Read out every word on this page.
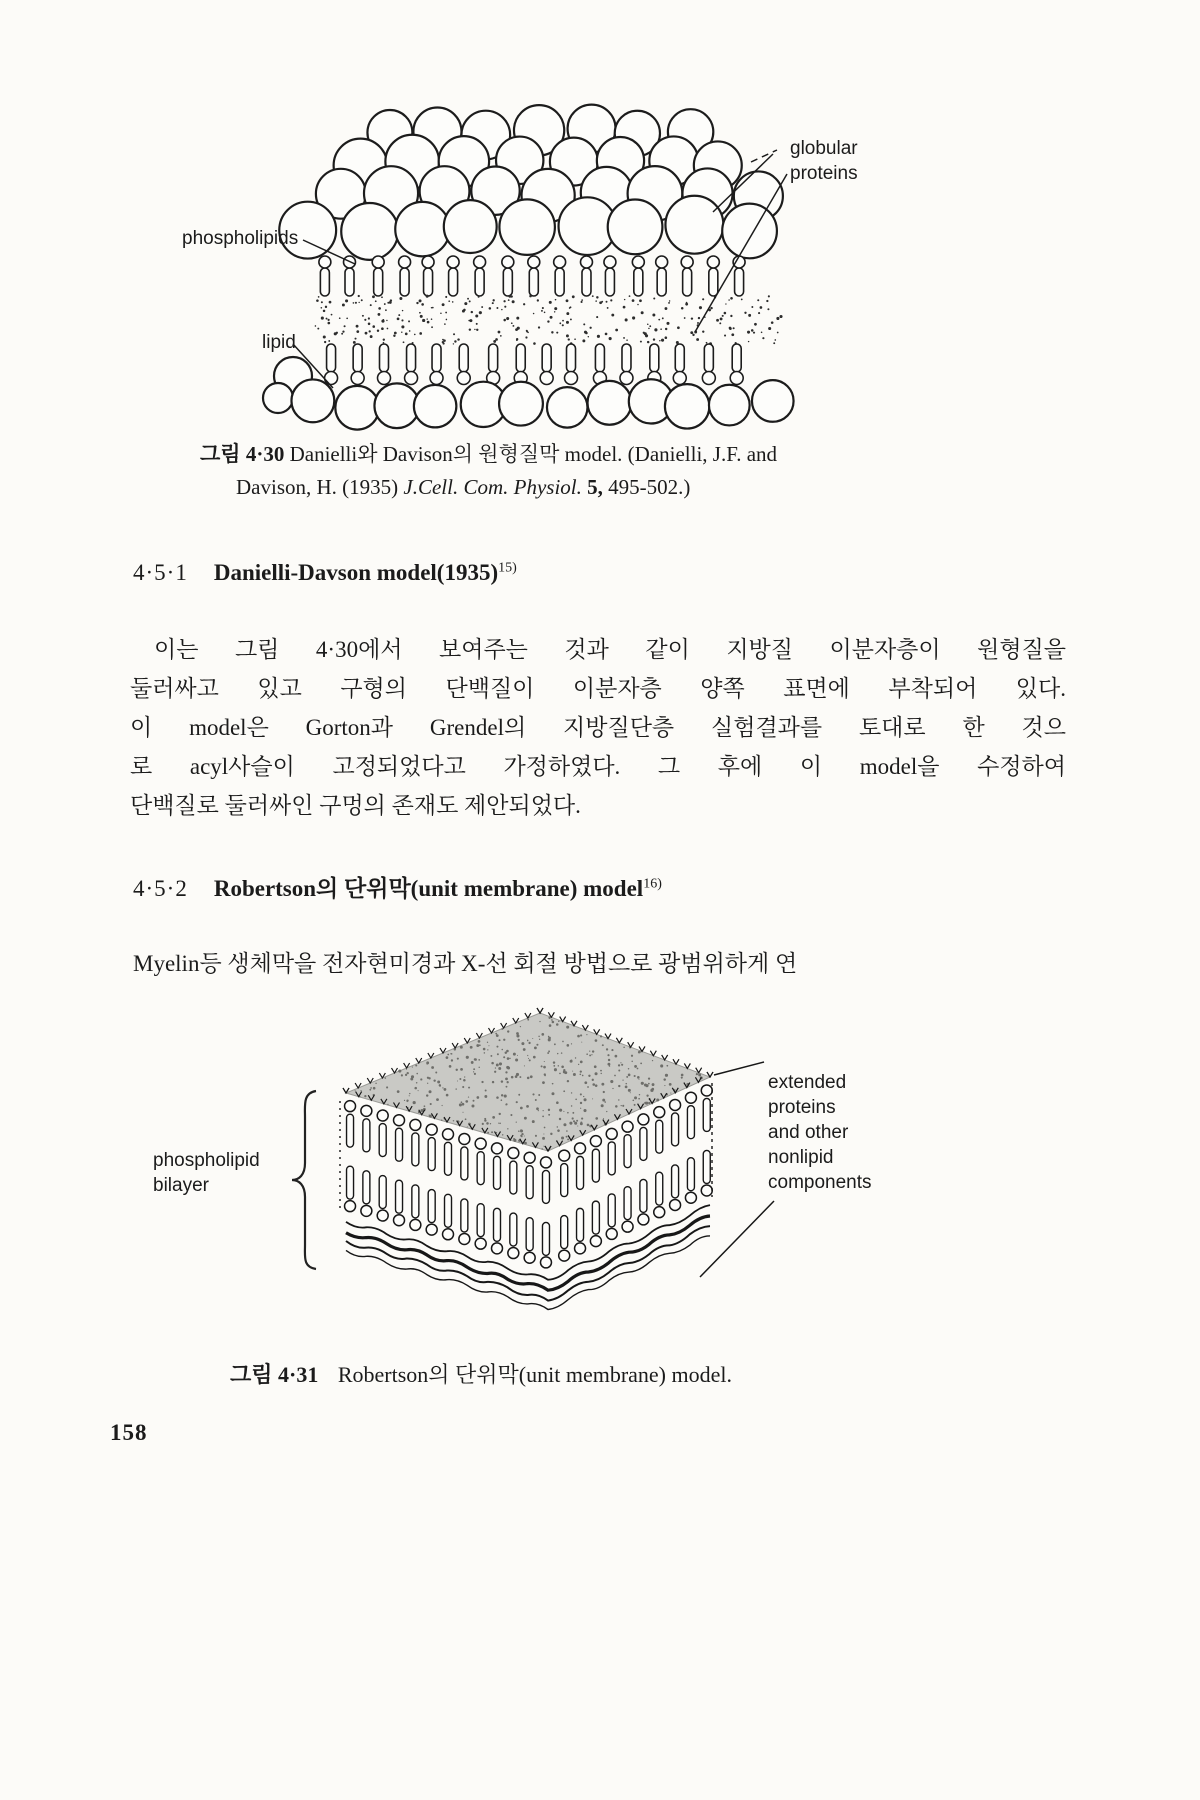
globular
proteins
phospholipids
lipid
그림 4·30 Danielli와 Davison의 원형질막 model. (Danielli, J.F. and
Davison, H. (1935) J.Cell. Com. Physiol. 5, 495-502.)
4·5·1 Danielli-Davson $model(1935)^{15)}$
이는 그림 4·30에서 보여주는 것과 같이 지방질 이분자층이 원형질을
둘러싸고 있고 구형의 단백질이 이분자층 양쪽 표면에 부착되어 있다.
이 model은 Gorton과 Grendel의 지방질단층 실험결과를 토대로 한 것으
로 acyl사슬이 고정되었다고 가정하였다. 그 후에 이 model을 수정하여
단백질로 둘러싸인 구멍의 존재도 제안되었다.
4·5·2 Robertson의 단위막(unit membrane) model$^{16)}$
Myelin등 생체막을 전자현미경과 X-선 회절 방법으로 광범위하게 연
phospholipid
bilayer
extended
proteins
and other
nonlipid
components
그림 4·31 Robertson의 단위막(unit membrane) model.
158
